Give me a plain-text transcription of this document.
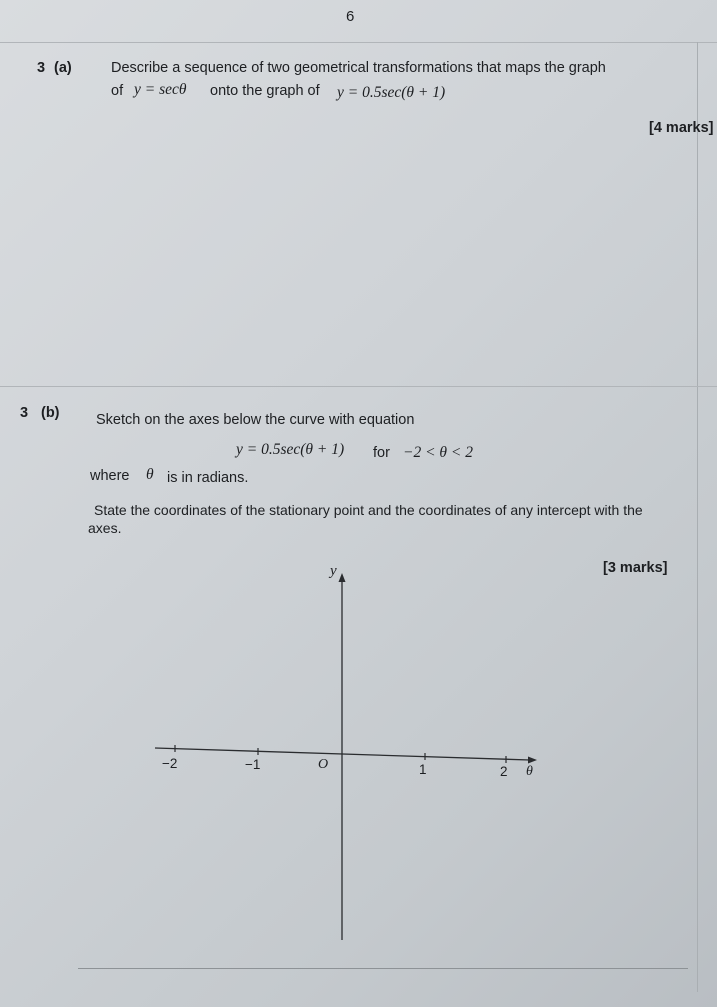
6
3 (a)	Describe a sequence of two geometrical transformations that maps the graph
of y = secθ onto the graph of y = 0.5sec(θ + 1)
[4 marks]
3 (b)	Sketch on the axes below the curve with equation
y = 0.5sec(θ + 1) for −2 < θ < 2
where θ is in radians.
State the coordinates of the stationary point and the coordinates of any intercept with the
axes.
[3 marks]
y
−2	−1	O	1	2 θ
